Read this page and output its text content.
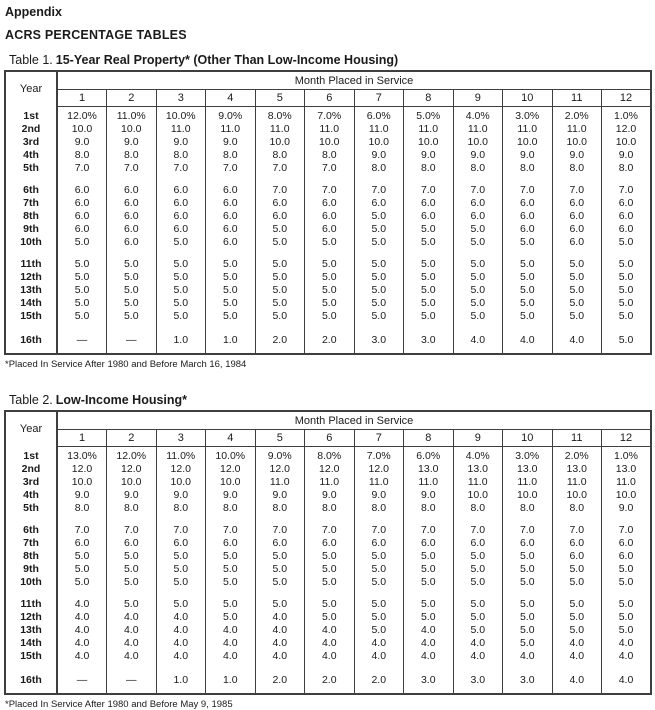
Appendix
ACRS PERCENTAGE TABLES
Table 1. 15-Year Real Property* (Other Than Low-Income Housing)
Year	Month Placed in Service											
	1	2	3	4	5	6	7	8	9	10	11	12
1st	12.0%	11.0%	10.0%	9.0%	8.0%	7.0%	6.0%	5.0%	4.0%	3.0%	2.0%	1.0%
2nd	10.0	10.0	11.0	11.0	11.0	11.0	11.0	11.0	11.0	11.0	11.0	12.0
3rd	9.0	9.0	9.0	9.0	10.0	10.0	10.0	10.0	10.0	10.0	10.0	10.0
4th	8.0	8.0	8.0	8.0	8.0	8.0	9.0	9.0	9.0	9.0	9.0	9.0
5th	7.0	7.0	7.0	7.0	7.0	7.0	8.0	8.0	8.0	8.0	8.0	8.0

6th	6.0	6.0	6.0	6.0	7.0	7.0	7.0	7.0	7.0	7.0	7.0	7.0
7th	6.0	6.0	6.0	6.0	6.0	6.0	6.0	6.0	6.0	6.0	6.0	6.0
8th	6.0	6.0	6.0	6.0	6.0	6.0	5.0	6.0	6.0	6.0	6.0	6.0
9th	6.0	6.0	6.0	6.0	5.0	6.0	5.0	5.0	5.0	6.0	6.0	6.0
10th	5.0	6.0	5.0	6.0	5.0	5.0	5.0	5.0	5.0	5.0	6.0	5.0

11th	5.0	5.0	5.0	5.0	5.0	5.0	5.0	5.0	5.0	5.0	5.0	5.0
12th	5.0	5.0	5.0	5.0	5.0	5.0	5.0	5.0	5.0	5.0	5.0	5.0
13th	5.0	5.0	5.0	5.0	5.0	5.0	5.0	5.0	5.0	5.0	5.0	5.0
14th	5.0	5.0	5.0	5.0	5.0	5.0	5.0	5.0	5.0	5.0	5.0	5.0
15th	5.0	5.0	5.0	5.0	5.0	5.0	5.0	5.0	5.0	5.0	5.0	5.0

16th	—	—	1.0	1.0	2.0	2.0	3.0	3.0	4.0	4.0	4.0	5.0
*Placed In Service After 1980 and Before March 16, 1984
Table 2. Low-Income Housing*
Year	Month Placed in Service											
	1	2	3	4	5	6	7	8	9	10	11	12
1st	13.0%	12.0%	11.0%	10.0%	9.0%	8.0%	7.0%	6.0%	4.0%	3.0%	2.0%	1.0%
2nd	12.0	12.0	12.0	12.0	12.0	12.0	12.0	13.0	13.0	13.0	13.0	13.0
3rd	10.0	10.0	10.0	10.0	11.0	11.0	11.0	11.0	11.0	11.0	11.0	11.0
4th	9.0	9.0	9.0	9.0	9.0	9.0	9.0	9.0	10.0	10.0	10.0	10.0
5th	8.0	8.0	8.0	8.0	8.0	8.0	8.0	8.0	8.0	8.0	8.0	9.0

6th	7.0	7.0	7.0	7.0	7.0	7.0	7.0	7.0	7.0	7.0	7.0	7.0
7th	6.0	6.0	6.0	6.0	6.0	6.0	6.0	6.0	6.0	6.0	6.0	6.0
8th	5.0	5.0	5.0	5.0	5.0	5.0	5.0	5.0	5.0	5.0	6.0	6.0
9th	5.0	5.0	5.0	5.0	5.0	5.0	5.0	5.0	5.0	5.0	5.0	5.0
10th	5.0	5.0	5.0	5.0	5.0	5.0	5.0	5.0	5.0	5.0	5.0	5.0

11th	4.0	5.0	5.0	5.0	5.0	5.0	5.0	5.0	5.0	5.0	5.0	5.0
12th	4.0	4.0	4.0	5.0	4.0	5.0	5.0	5.0	5.0	5.0	5.0	5.0
13th	4.0	4.0	4.0	4.0	4.0	4.0	5.0	4.0	5.0	5.0	5.0	5.0
14th	4.0	4.0	4.0	4.0	4.0	4.0	4.0	4.0	4.0	5.0	4.0	4.0
15th	4.0	4.0	4.0	4.0	4.0	4.0	4.0	4.0	4.0	4.0	4.0	4.0

16th	—	—	1.0	1.0	2.0	2.0	2.0	3.0	3.0	3.0	4.0	4.0
*Placed In Service After 1980 and Before May 9, 1985
